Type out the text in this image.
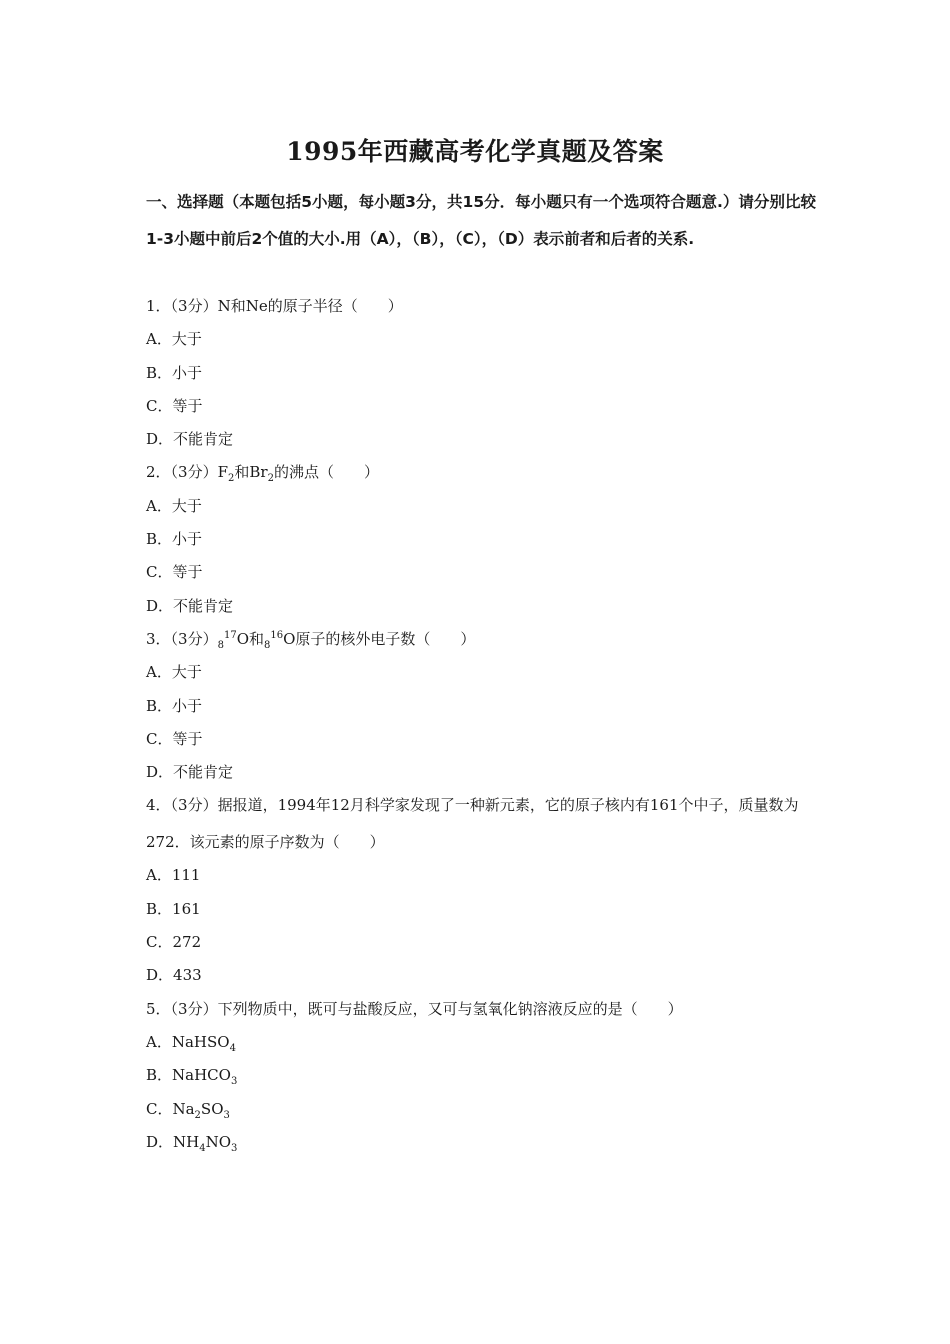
1995年西藏高考化学真题及答案
一、选择题（本题包括5小题，每小题3分，共15分．每小题只有一个选项符合题意.）请分别比较1-3小题中前后2个值的大小.用（A），（B），（C），（D）表示前者和后者的关系.
1．（3分）N和Ne的原子半径（　　）
A．大于
B．小于
C．等于
D．不能肯定
2．（3分）$F_2$和$Br_2$的沸点（　　）
A．大于
B．小于
C．等于
D．不能肯定
3．（3分）$_8^{17}O$和$_8^{16}$O原子的核外电子数（　　）
A．大于
B．小于
C．等于
D．不能肯定
4．（3分）据报道，1994年12月科学家发现了一种新元素，它的原子核内有161个中子，质量数为272．该元素的原子序数为（　　）
A．111
B．161
C．272
D．433
5．（3分）下列物质中，既可与盐酸反应，又可与氢氧化钠溶液反应的是（　　）
A．NaHSO$_4$
B．NaHCO$_3$
C．$Na_2SO_3$
D．$NH_4NO_3$
